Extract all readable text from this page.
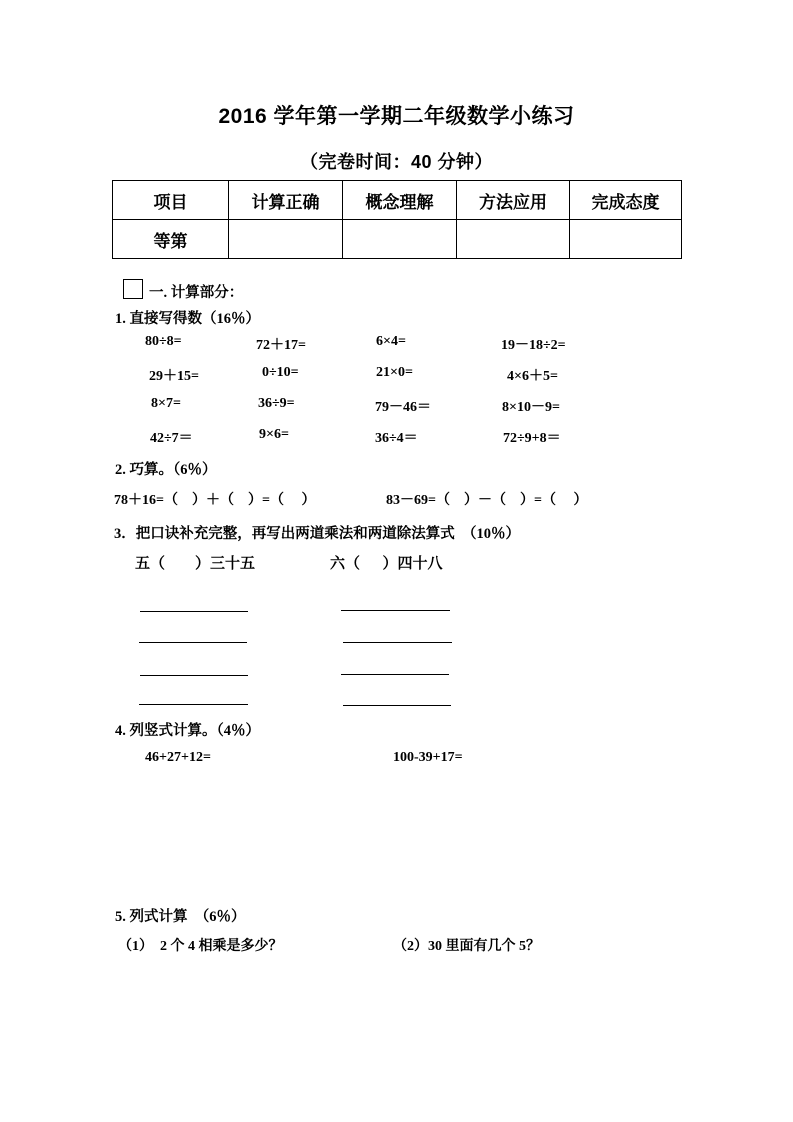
2016 学年第一学期二年级数学小练习
（完卷时间：40 分钟）
项目	计算正确	概念理解	方法应用	完成态度
等第				
一. 计算部分：
1. 直接写得数（16％）
80÷8=	72＋17=	6×4=	19－18÷2=
29＋15=	0÷10=	21×0=	4×6＋5=
8×7=	36÷9=	79－46＝	8×10－9=
42÷7＝	9×6=	36÷4＝	72÷9+8＝
2. 巧算。（6％）
78＋16=（    ）＋（    ）=（     ）	83－69=（    ）－（    ）=（     ）
3．把口诀补充完整，再写出两道乘法和两道除法算式  （10％）
五（        ）三十五	六（      ）四十八
4. 列竖式计算。（4％）
46+27+12=	100-39+17=
5. 列式计算  （6％）
（1）  2 个 4 相乘是多少？	（2）30 里面有几个 5？
